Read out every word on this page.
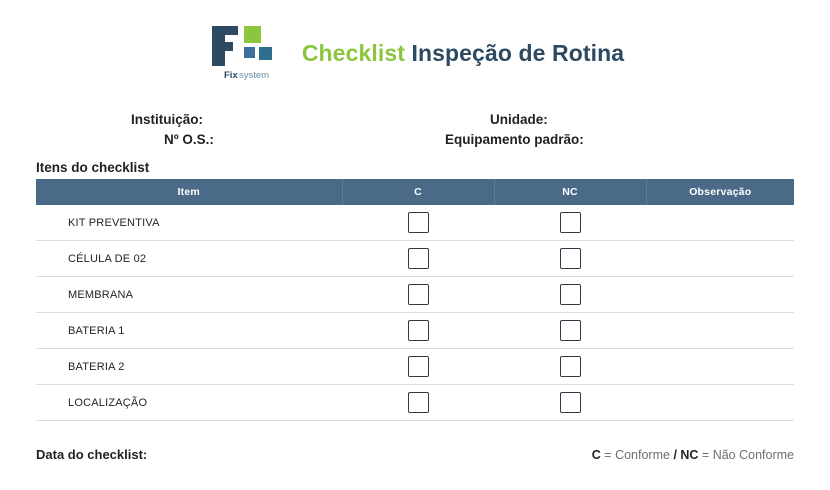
Fix system
Checklist Inspeção de Rotina
Instituição:	Unidade:
Nº O.S.:	Equipamento padrão:
Itens do checklist
Item	C	NC	Observação
KIT PREVENTIVA			
CÉLULA DE 02			
MEMBRANA			
BATERIA 1			
BATERIA 2			
LOCALIZAÇÃO			
Data do checklist:	C = Conforme / NC = Não Conforme
